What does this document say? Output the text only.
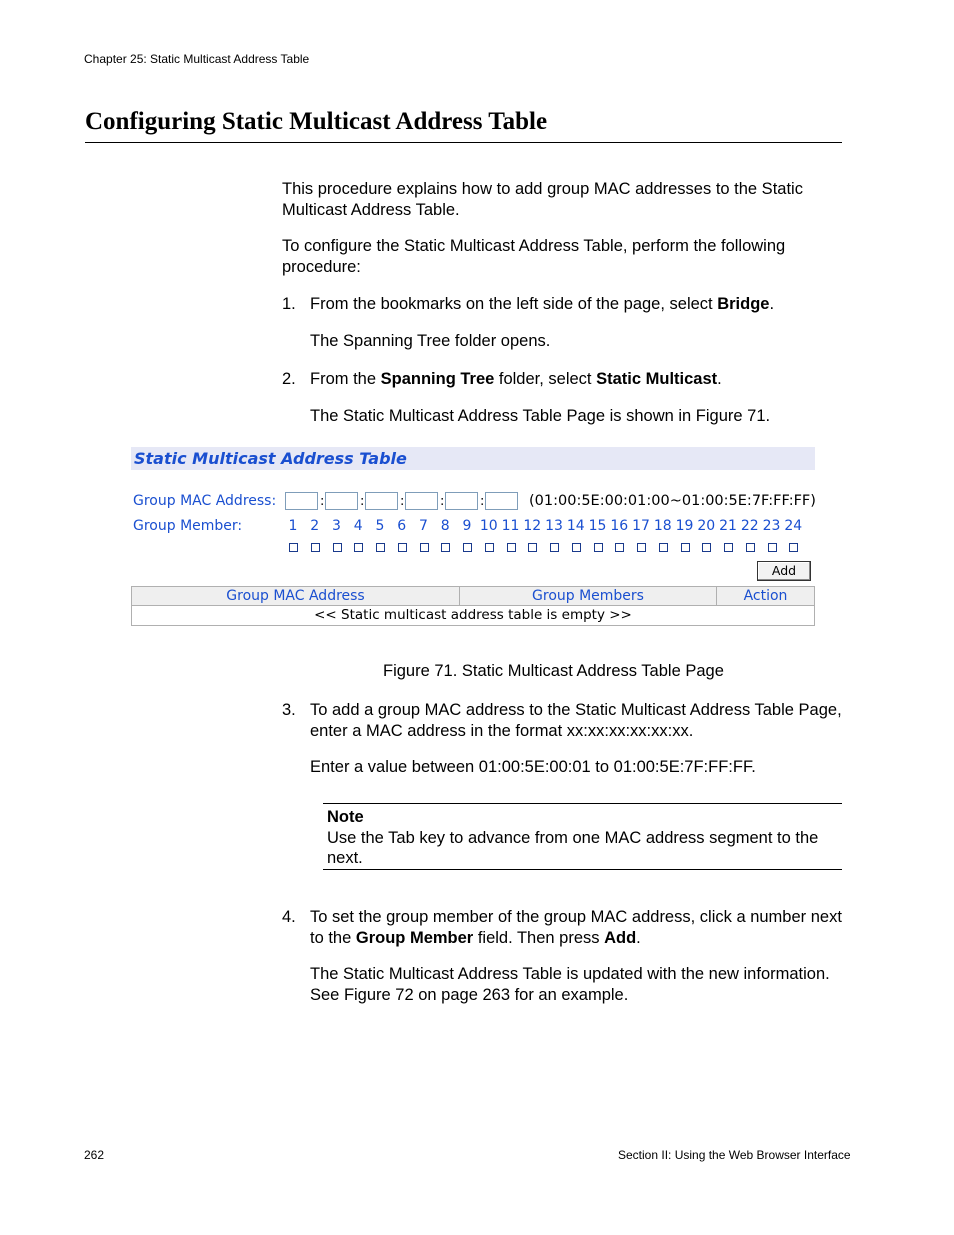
Chapter 25: Static Multicast Address Table
Configuring Static Multicast Address Table
This procedure explains how to add group MAC addresses to the Static Multicast Address Table.
To configure the Static Multicast Address Table, perform the following procedure:
1. From the bookmarks on the left side of the page, select Bridge.
The Spanning Tree folder opens.
2. From the Spanning Tree folder, select Static Multicast.
The Static Multicast Address Table Page is shown in Figure 71.
Static Multicast Address Table
Group MAC Address:	:	:	:	:	:	(01:00:5E:00:01:00~01:00:5E:7F:FF:FF)
Group Member:	1 2 3 4 5 6 7 8 9 10 11 12 13 14 15 16 17 18 19 20 21 22 23 24
Add
Group MAC Address	Group Members	Action
<< Static multicast address table is empty >>
Figure 71. Static Multicast Address Table Page
3. To add a group MAC address to the Static Multicast Address Table Page, enter a MAC address in the format xx:xx:xx:xx:xx:xx.
Enter a value between 01:00:5E:00:01 to 01:00:5E:7F:FF:FF.
Note
Use the Tab key to advance from one MAC address segment to the next.
4. To set the group member of the group MAC address, click a number next to the Group Member field. Then press Add.
The Static Multicast Address Table is updated with the new information. See Figure 72 on page 263 for an example.
262	Section II: Using the Web Browser Interface
